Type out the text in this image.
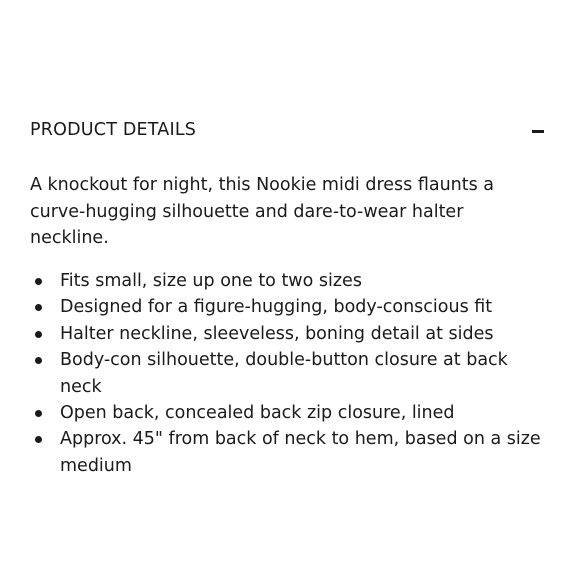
PRODUCT DETAILS

A knockout for night, this Nookie midi dress flaunts a curve-hugging silhouette and dare-to-wear halter neckline.

Fits small, size up one to two sizes
Designed for a figure-hugging, body-conscious fit
Halter neckline, sleeveless, boning detail at sides
Body-con silhouette, double-button closure at back neck
Open back, concealed back zip closure, lined
Approx. 45" from back of neck to hem, based on a size medium
